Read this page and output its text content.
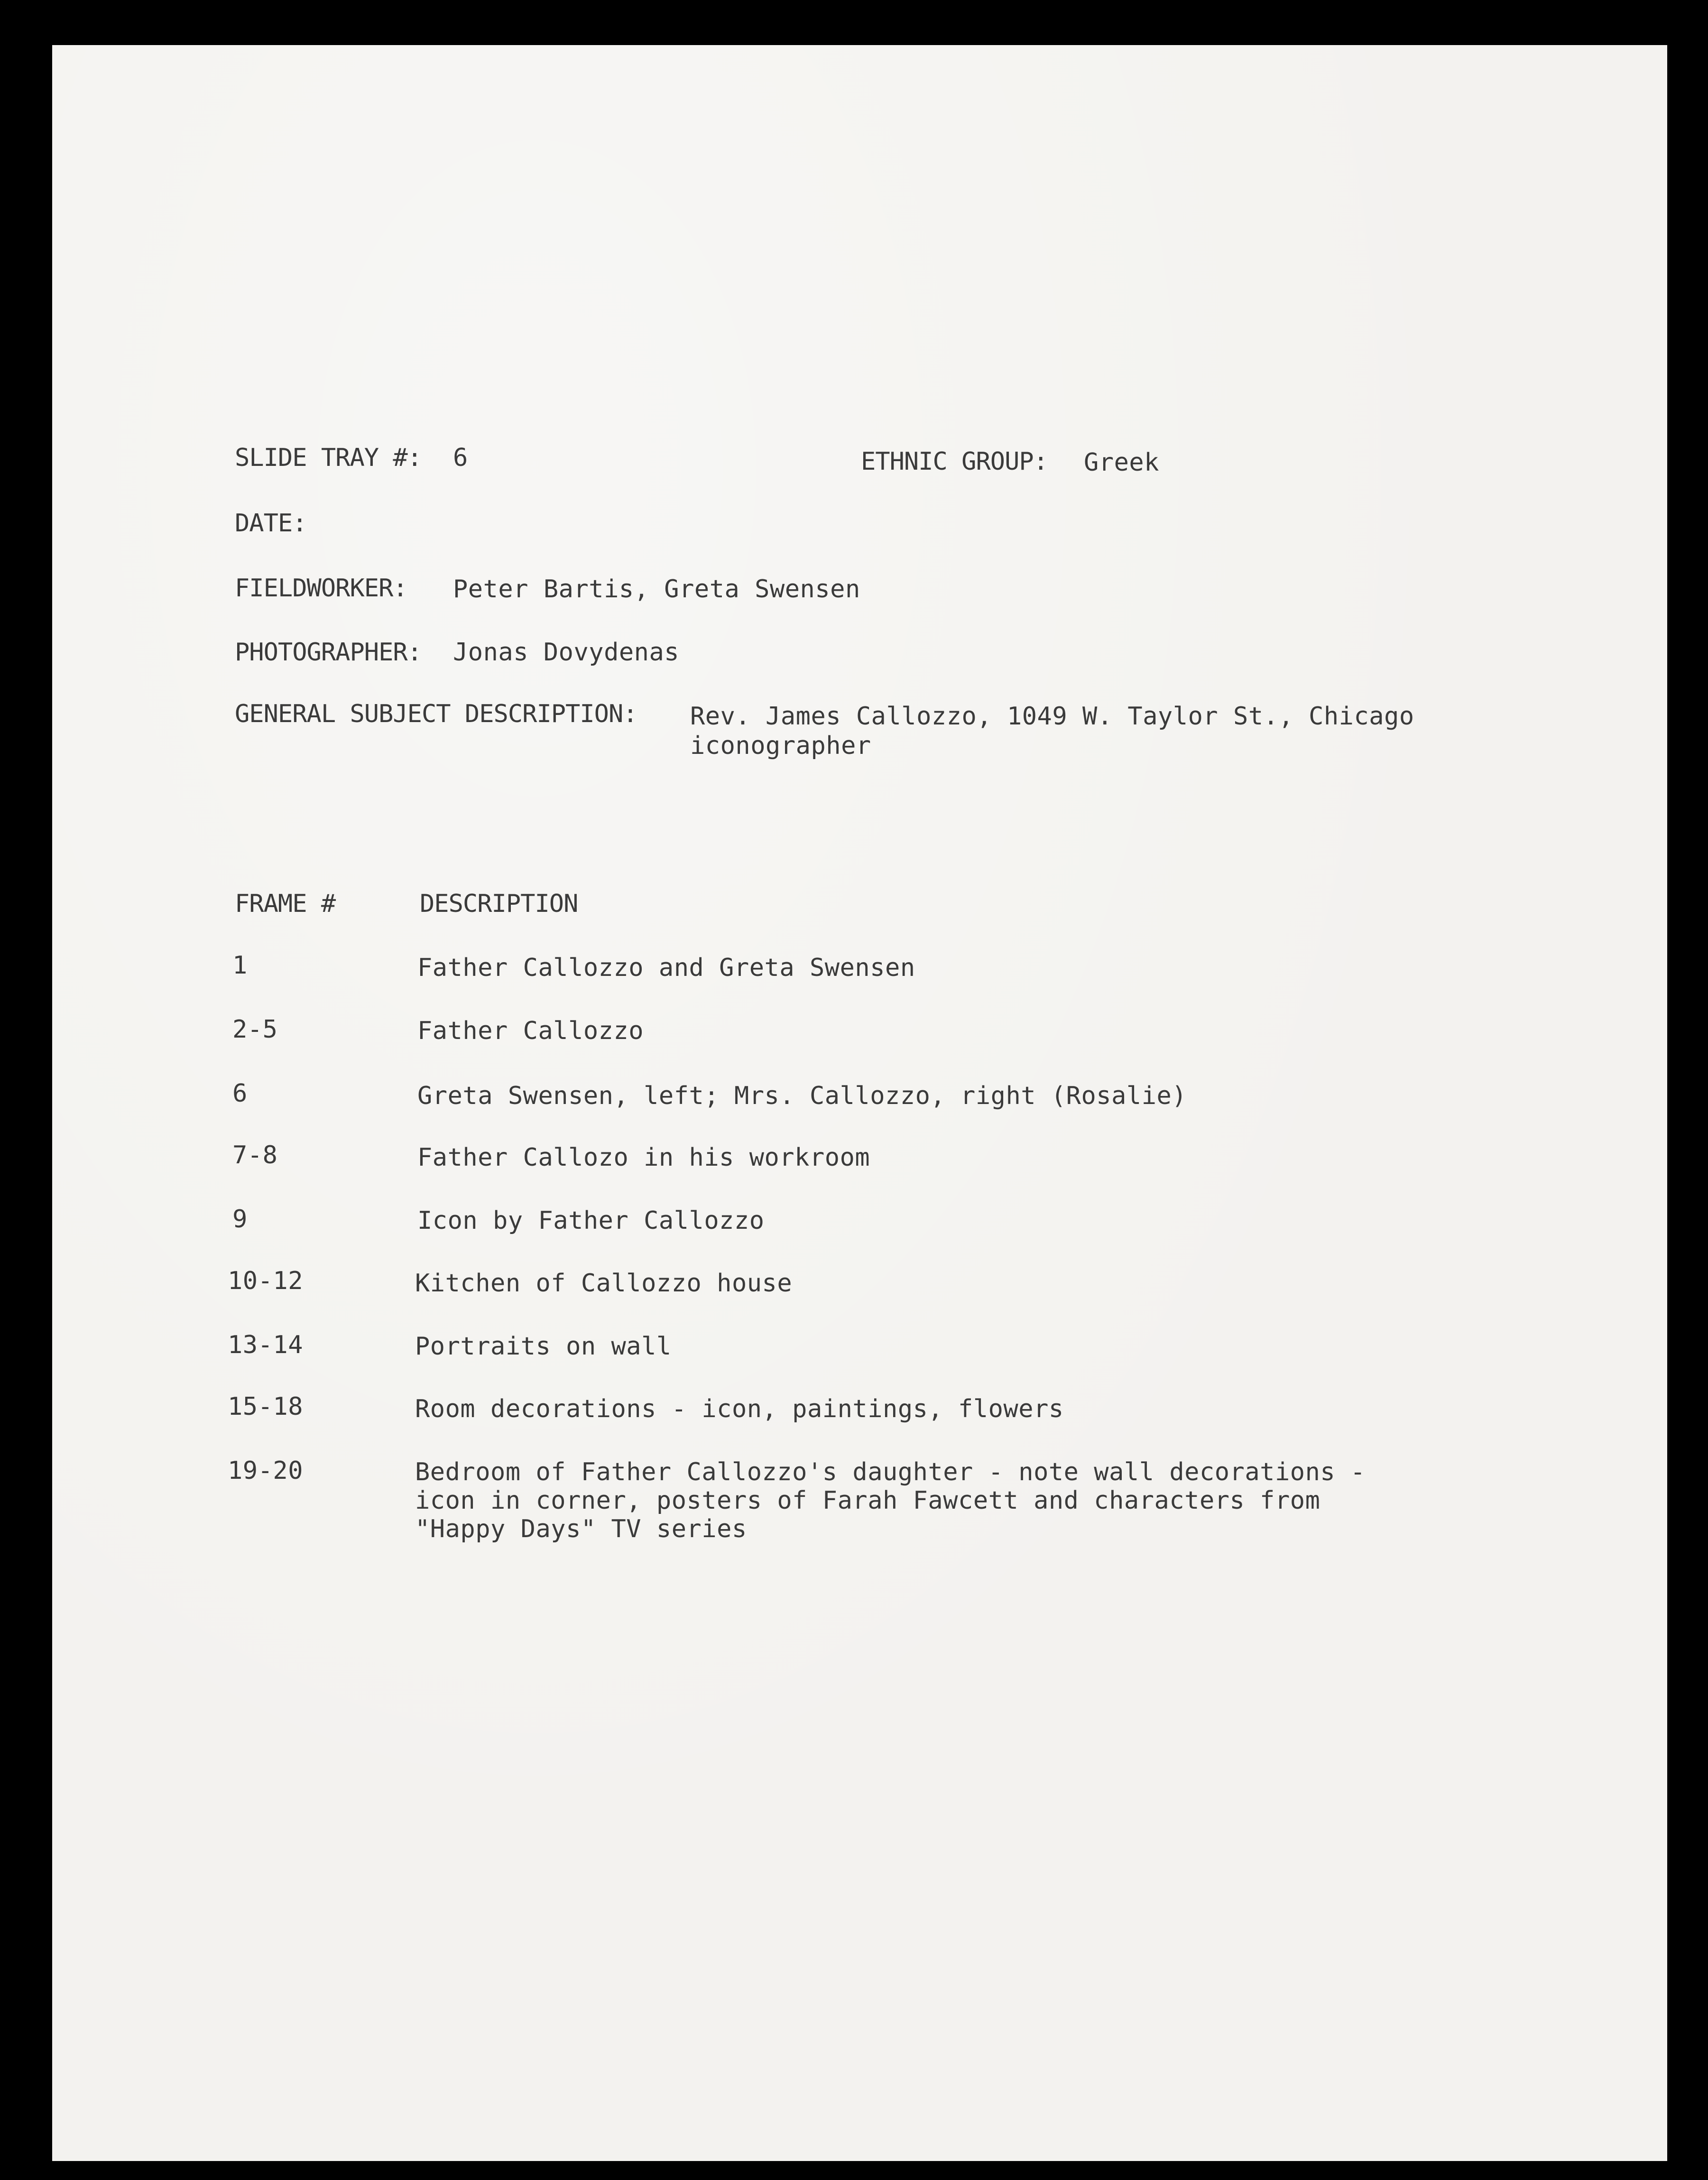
SLIDE TRAY #: 6	ETHNIC GROUP: Greek
DATE:
FIELDWORKER: Peter Bartis, Greta Swensen
PHOTOGRAPHER: Jonas Dovydenas
GENERAL SUBJECT DESCRIPTION: Rev. James Callozzo, 1049 W. Taylor St., Chicago
iconographer
FRAME #	DESCRIPTION
1	Father Callozzo and Greta Swensen
2-5	Father Callozzo
6	Greta Swensen, left; Mrs. Callozzo, right (Rosalie)
7-8	Father Callozo in his workroom
9	Icon by Father Callozzo
10-12	Kitchen of Callozzo house
13-14	Portraits on wall
15-18	Room decorations - icon, paintings, flowers
19-20	Bedroom of Father Callozzo's daughter - note wall decorations -
icon in corner, posters of Farah Fawcett and characters from
"Happy Days" TV series
